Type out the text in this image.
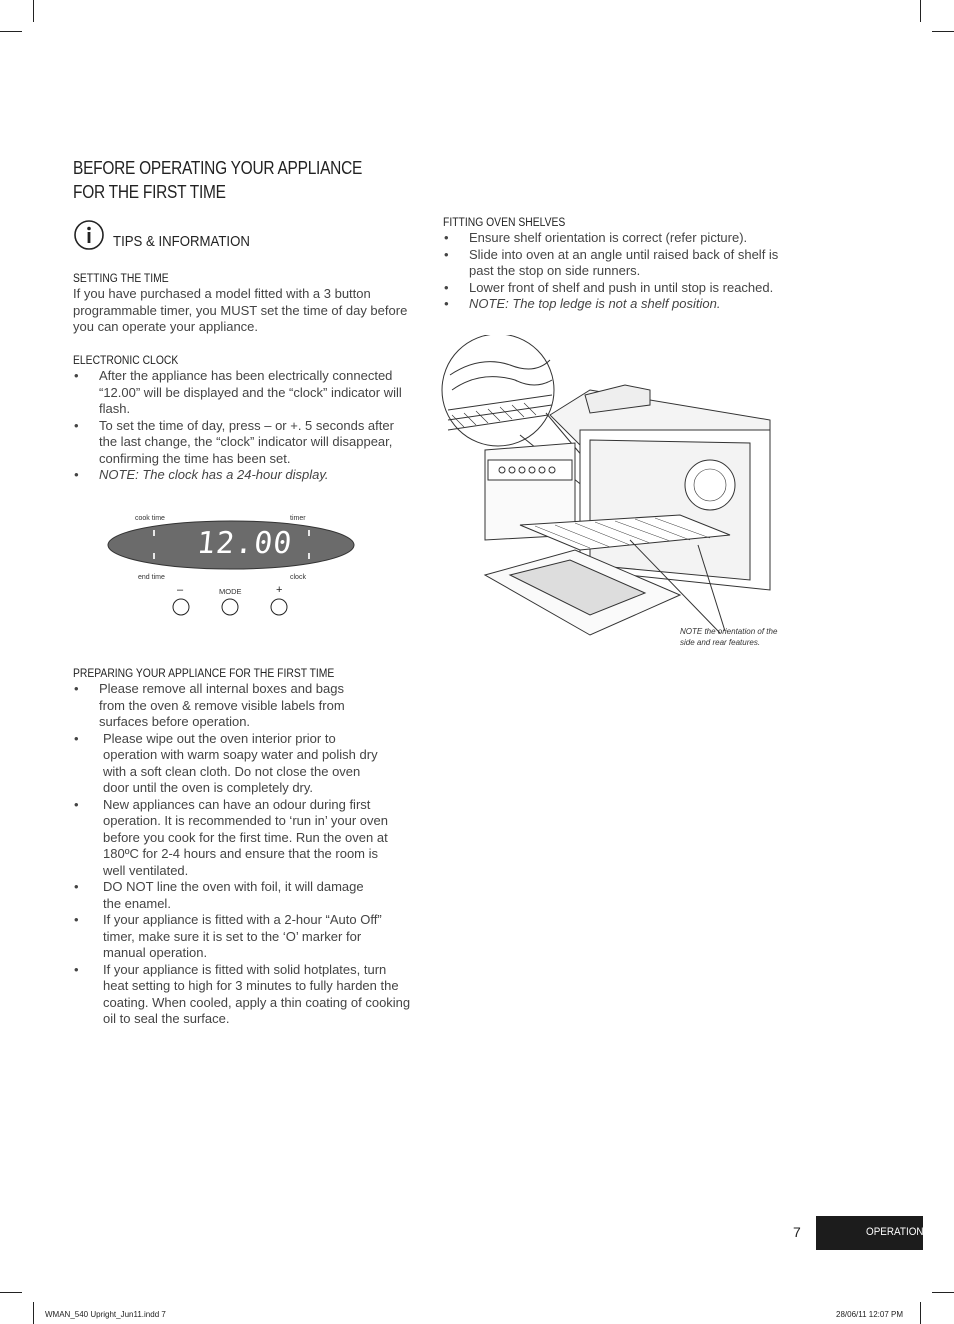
BEFORE OPERATING YOUR APPLIANCE
FOR THE FIRST TIME
TIPS & INFORMATION
SETTING THE TIME
If you have purchased a model fitted with a 3 button programmable timer, you MUST set the time of day before you can operate your appliance.
ELECTRONIC CLOCK
• After the appliance has been electrically connected “12.00” will be displayed and the “clock” indicator will flash.
• To set the time of day, press – or +. 5 seconds after the last change, the “clock” indicator will disappear, confirming the time has been set.
• NOTE: The clock has a 24-hour display.
12.00
cook time	timer
end time	clock
–	MODE	+
PREPARING YOUR APPLIANCE FOR THE FIRST TIME
• Please remove all internal boxes and bags from the oven & remove visible labels from surfaces before operation.
• Please wipe out the oven interior prior to operation with warm soapy water and polish dry with a soft clean cloth. Do not close the oven door until the oven is completely dry.
• New appliances can have an odour during first operation. It is recommended to ‘run in’ your oven before you cook for the first time. Run the oven at 180ºC for 2-4 hours and ensure that the room is well ventilated.
• DO NOT line the oven with foil, it will damage the enamel.
• If your appliance is fitted with a 2-hour “Auto Off” timer, make sure it is set to the ‘O’ marker for manual operation.
• If your appliance is fitted with solid hotplates, turn heat setting to high for 3 minutes to fully harden the coating. When cooled, apply a thin coating of cooking oil to seal the surface.
FITTING OVEN SHELVES
• Ensure shelf orientation is correct (refer picture).
• Slide into oven at an angle until raised back of shelf is past the stop on side runners.
• Lower front of shelf and push in until stop is reached.
• NOTE: The top ledge is not a shelf position.
NOTE the orientation of the
side and rear features.
7	OPERATION
WMAN_540 Upright_Jun11.indd 7	28/06/11 12:07 PM
